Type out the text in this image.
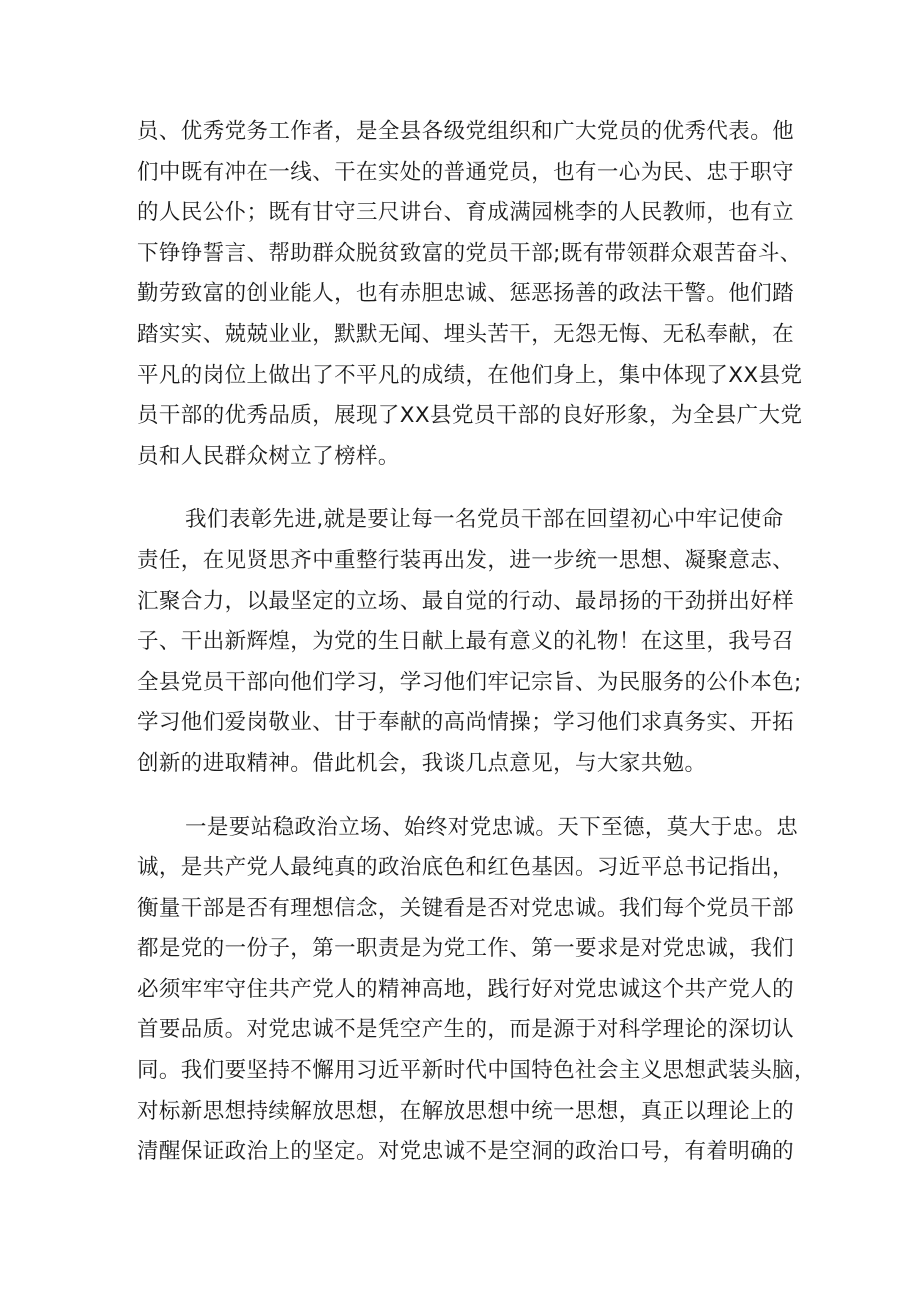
员、优秀党务工作者，是全县各级党组织和广大党员的优秀代表。他
们中既有冲在一线、干在实处的普通党员，也有一心为民、忠于职守
的人民公仆；既有甘守三尺讲台、育成满园桃李的人民教师，也有立
下铮铮誓言、帮助群众脱贫致富的党员干部;既有带领群众艰苦奋斗、
勤劳致富的创业能人，也有赤胆忠诚、惩恶扬善的政法干警。他们踏
踏实实、兢兢业业，默默无闻、埋头苦干，无怨无悔、无私奉献，在
平凡的岗位上做出了不平凡的成绩，在他们身上，集中体现了XX县党
员干部的优秀品质，展现了XX县党员干部的良好形象，为全县广大党
员和人民群众树立了榜样。

我们表彰先进,就是要让每一名党员干部在回望初心中牢记使命
责任，在见贤思齐中重整行装再出发，进一步统一思想、凝聚意志、
汇聚合力，以最坚定的立场、最自觉的行动、最昂扬的干劲拼出好样
子、干出新辉煌，为党的生日献上最有意义的礼物！在这里，我号召
全县党员干部向他们学习，学习他们牢记宗旨、为民服务的公仆本色;
学习他们爱岗敬业、甘于奉献的高尚情操；学习他们求真务实、开拓
创新的进取精神。借此机会，我谈几点意见，与大家共勉。

一是要站稳政治立场、始终对党忠诚。天下至德，莫大于忠。忠
诚，是共产党人最纯真的政治底色和红色基因。习近平总书记指出，
衡量干部是否有理想信念，关键看是否对党忠诚。我们每个党员干部
都是党的一份子，第一职责是为党工作、第一要求是对党忠诚，我们
必须牢牢守住共产党人的精神高地，践行好对党忠诚这个共产党人的
首要品质。对党忠诚不是凭空产生的，而是源于对科学理论的深切认
同。我们要坚持不懈用习近平新时代中国特色社会主义思想武装头脑，
对标新思想持续解放思想，在解放思想中统一思想，真正以理论上的
清醒保证政治上的坚定。对党忠诚不是空洞的政治口号，有着明确的
